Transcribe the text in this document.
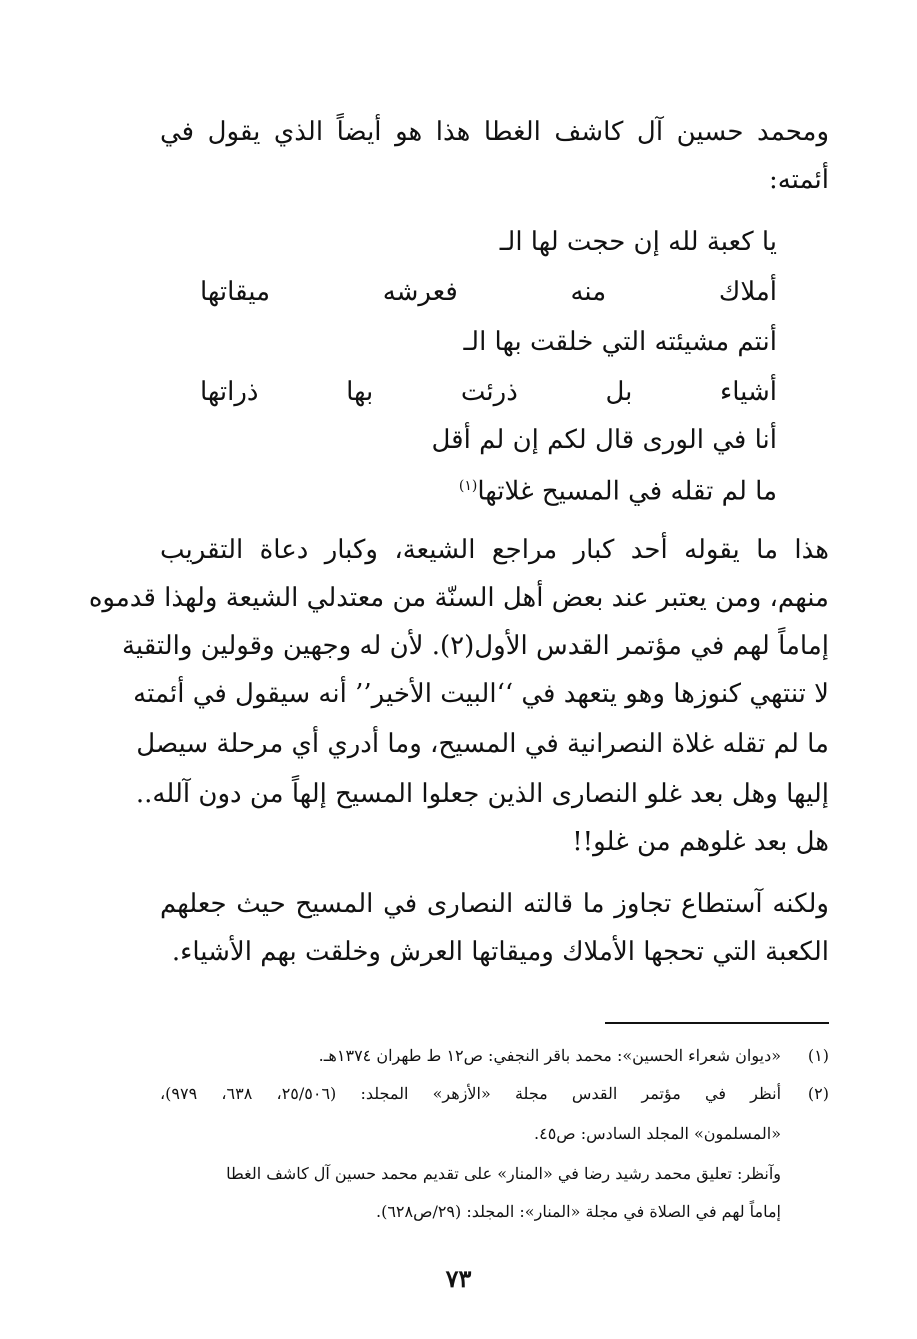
ومحمد حسين آل كاشف الغطا هذا هو أيضاً الذي يقول في
أئمته:
يا كعبة لله إن حجت لها الـ
أملاك منه فعرشه ميقاتها
أنتم مشيئته التي خلقت بها الـ
أشياء بل ذرئت بها ذراتها
أنا في الورى قال لكم إن لم أقل
ما لم تقله في المسيح غلاتها$^{(١)}$
هذا ما يقوله أحد كبار مراجع الشيعة، وكبار دعاة التقريب
منهم، ومن يعتبر عند بعض أهل السنّة من معتدلي الشيعة ولهذا قدموه
إماماً لهم في مؤتمر القدس الأول(٢). لأن له وجهين وقولين والتقية
لا تنتهي كنوزها وهو يتعهد في ‘‘البيت الأخير’’ أنه سيقول في أئمته
ما لم تقله غلاة النصرانية في المسيح، وما أدري أي مرحلة سيصل
إليها وهل بعد غلو النصارى الذين جعلوا المسيح إلهاً من دون آلله..
هل بعد غلوهم من غلو!!
ولكنه آستطاع تجاوز ما قالته النصارى في المسيح حيث جعلهم
الكعبة التي تحجها الأملاك وميقاتها العرش وخلقت بهم الأشياء.
(١)
«ديوان شعراء الحسين»: محمد باقر النجفي: ص١٢ ط طهران ١٣٧٤هـ.
(٢)
أنظر في مؤتمر القدس مجلة «الأزهر» المجلد: (٢٥/٥٠٦، ٦٣٨، ٩٧٩)،
«المسلمون» المجلد السادس: ص٤٥.
وآنظر: تعليق محمد رشيد رضا في «المنار» على تقديم محمد حسين آل كاشف الغطا
إماماً لهم في الصلاة في مجلة «المنار»: المجلد: (٢٩/ص٦٢٨).
٧٣
